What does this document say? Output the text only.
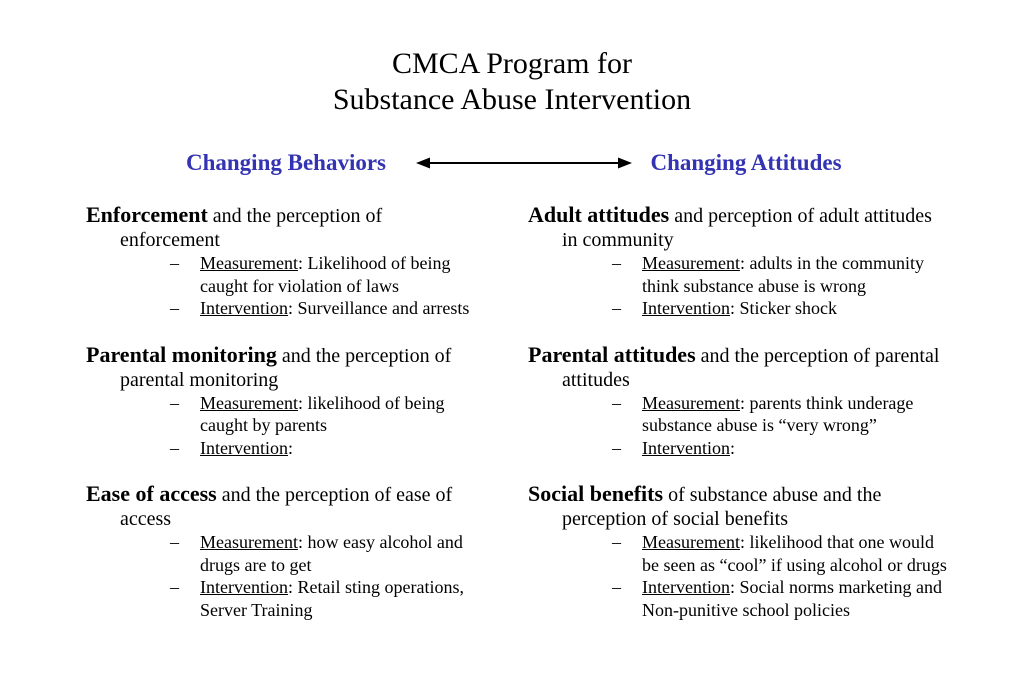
CMCA Program for
Substance Abuse Intervention
Changing Behaviors	Changing Attitudes
Enforcement and the perception of enforcement
–	Measurement: Likelihood of being caught for violation of laws
–	Intervention: Surveillance and arrests
Parental monitoring and the perception of parental monitoring
–	Measurement: likelihood of being caught by parents
–	Intervention:
Ease of access and the perception of ease of access
–	Measurement: how easy alcohol and drugs are to get
–	Intervention: Retail sting operations, Server Training
Adult attitudes and perception of adult attitudes in community
–	Measurement: adults in the community think substance abuse is wrong
–	Intervention: Sticker shock
Parental attitudes and the perception of parental attitudes
–	Measurement: parents think underage substance abuse is “very wrong”
–	Intervention:
Social benefits of substance abuse and the perception of social benefits
–	Measurement: likelihood that one would be seen as “cool” if using alcohol or drugs
–	Intervention: Social norms marketing and Non-punitive school policies
